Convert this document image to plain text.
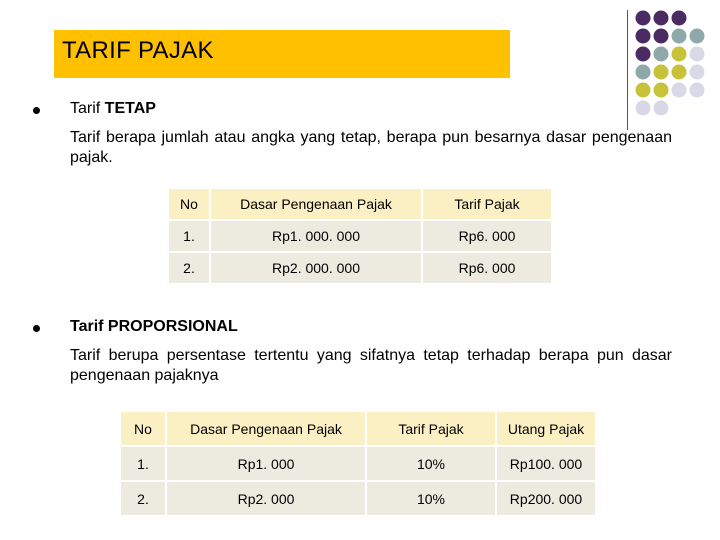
TARIF PAJAK
Tarif TETAP
Tarif berapa jumlah atau angka yang tetap, berapa pun besarnya dasar pengenaan pajak.
No	Dasar Pengenaan Pajak	Tarif Pajak
1.	Rp1. 000. 000	Rp6. 000
2.	Rp2. 000. 000	Rp6. 000
Tarif PROPORSIONAL
Tarif berupa persentase tertentu yang sifatnya tetap terhadap berapa pun dasar pengenaan pajaknya
No	Dasar Pengenaan Pajak	Tarif Pajak	Utang Pajak
1.	Rp1. 000	10%	Rp100. 000
2.	Rp2. 000	10%	Rp200. 000
